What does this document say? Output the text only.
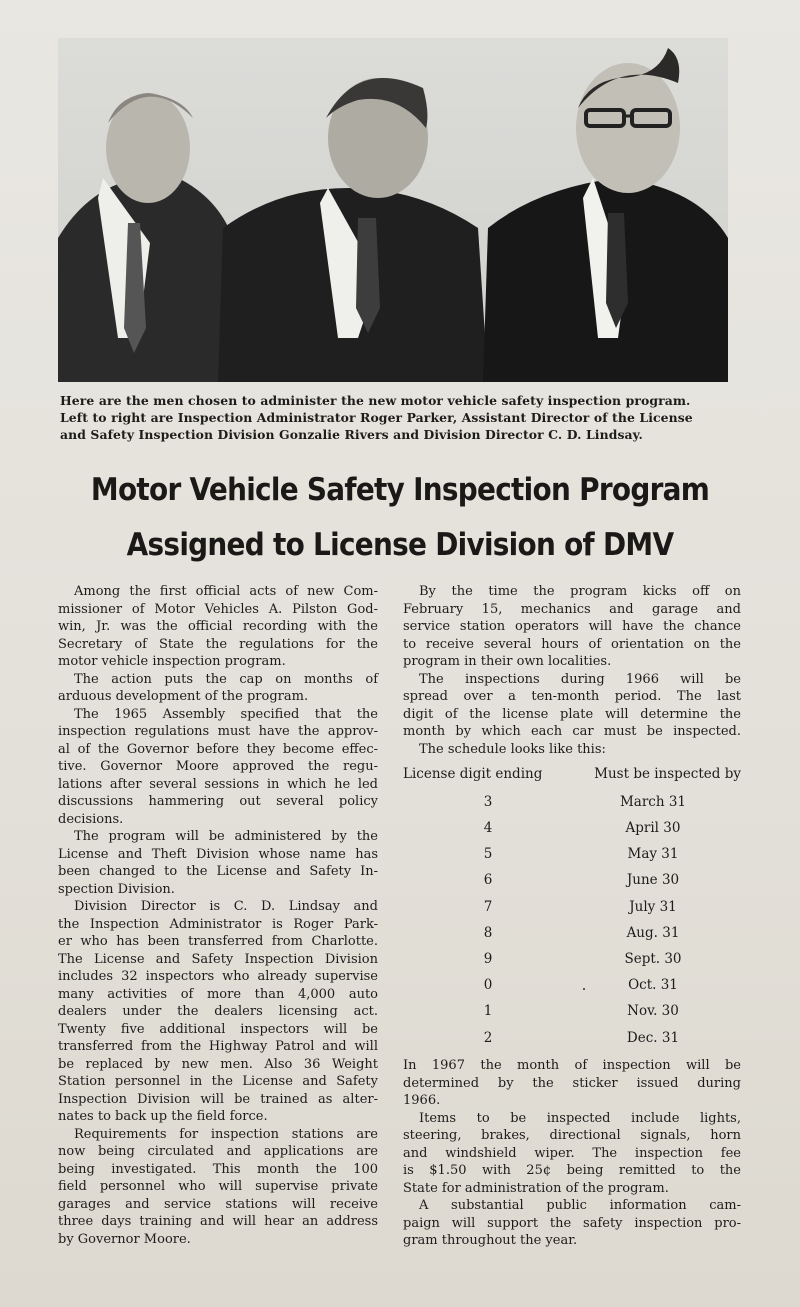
Here are the men chosen to administer the new motor vehicle safety inspection program.
Left to right are Inspection Administrator Roger Parker, Assistant Director of the License
and Safety Inspection Division Gonzalie Rivers and Division Director C. D. Lindsay.
Motor Vehicle Safety Inspection Program
Assigned to License Division of DMV
Among the first official acts of new Com-
missioner of Motor Vehicles A. Pilston God-
win, Jr. was the official recording with the
Secretary of State the regulations for the
motor vehicle inspection program.
The action puts the cap on months of
arduous development of the program.
The 1965 Assembly specified that the
inspection regulations must have the approv-
al of the Governor before they become effec-
tive. Governor Moore approved the regu-
lations after several sessions in which he led
discussions hammering out several policy
decisions.
The program will be administered by the
License and Theft Division whose name has
been changed to the License and Safety In-
spection Division.
Division Director is C. D. Lindsay and
the Inspection Administrator is Roger Park-
er who has been transferred from Charlotte.
The License and Safety Inspection Division
includes 32 inspectors who already supervise
many activities of more than 4,000 auto
dealers under the dealers licensing act.
Twenty five additional inspectors will be
transferred from the Highway Patrol and will
be replaced by new men. Also 36 Weight
Station personnel in the License and Safety
Inspection Division will be trained as alter-
nates to back up the field force.
Requirements for inspection stations are
now being circulated and applications are
being investigated. This month the 100
field personnel who will supervise private
garages and service stations will receive
three days training and will hear an address
by Governor Moore.
By the time the program kicks off on
February 15, mechanics and garage and
service station operators will have the chance
to receive several hours of orientation on the
program in their own localities.
The inspections during 1966 will be
spread over a ten-month period. The last
digit of the license plate will determine the
month by which each car must be inspected.
The schedule looks like this:
License digit ending	Must be inspected by
3	March 31
4	April 30
5	May 31
6	June 30
7	July 31
8	Aug. 31
9	Sept. 30
0	Oct. 31
1	Nov. 30
2	Dec. 31
In 1967 the month of inspection will be
determined by the sticker issued during
1966.
Items to be inspected include lights,
steering, brakes, directional signals, horn
and windshield wiper. The inspection fee
is $1.50 with 25¢ being remitted to the
State for administration of the program.
A substantial public information cam-
paign will support the safety inspection pro-
gram throughout the year.
